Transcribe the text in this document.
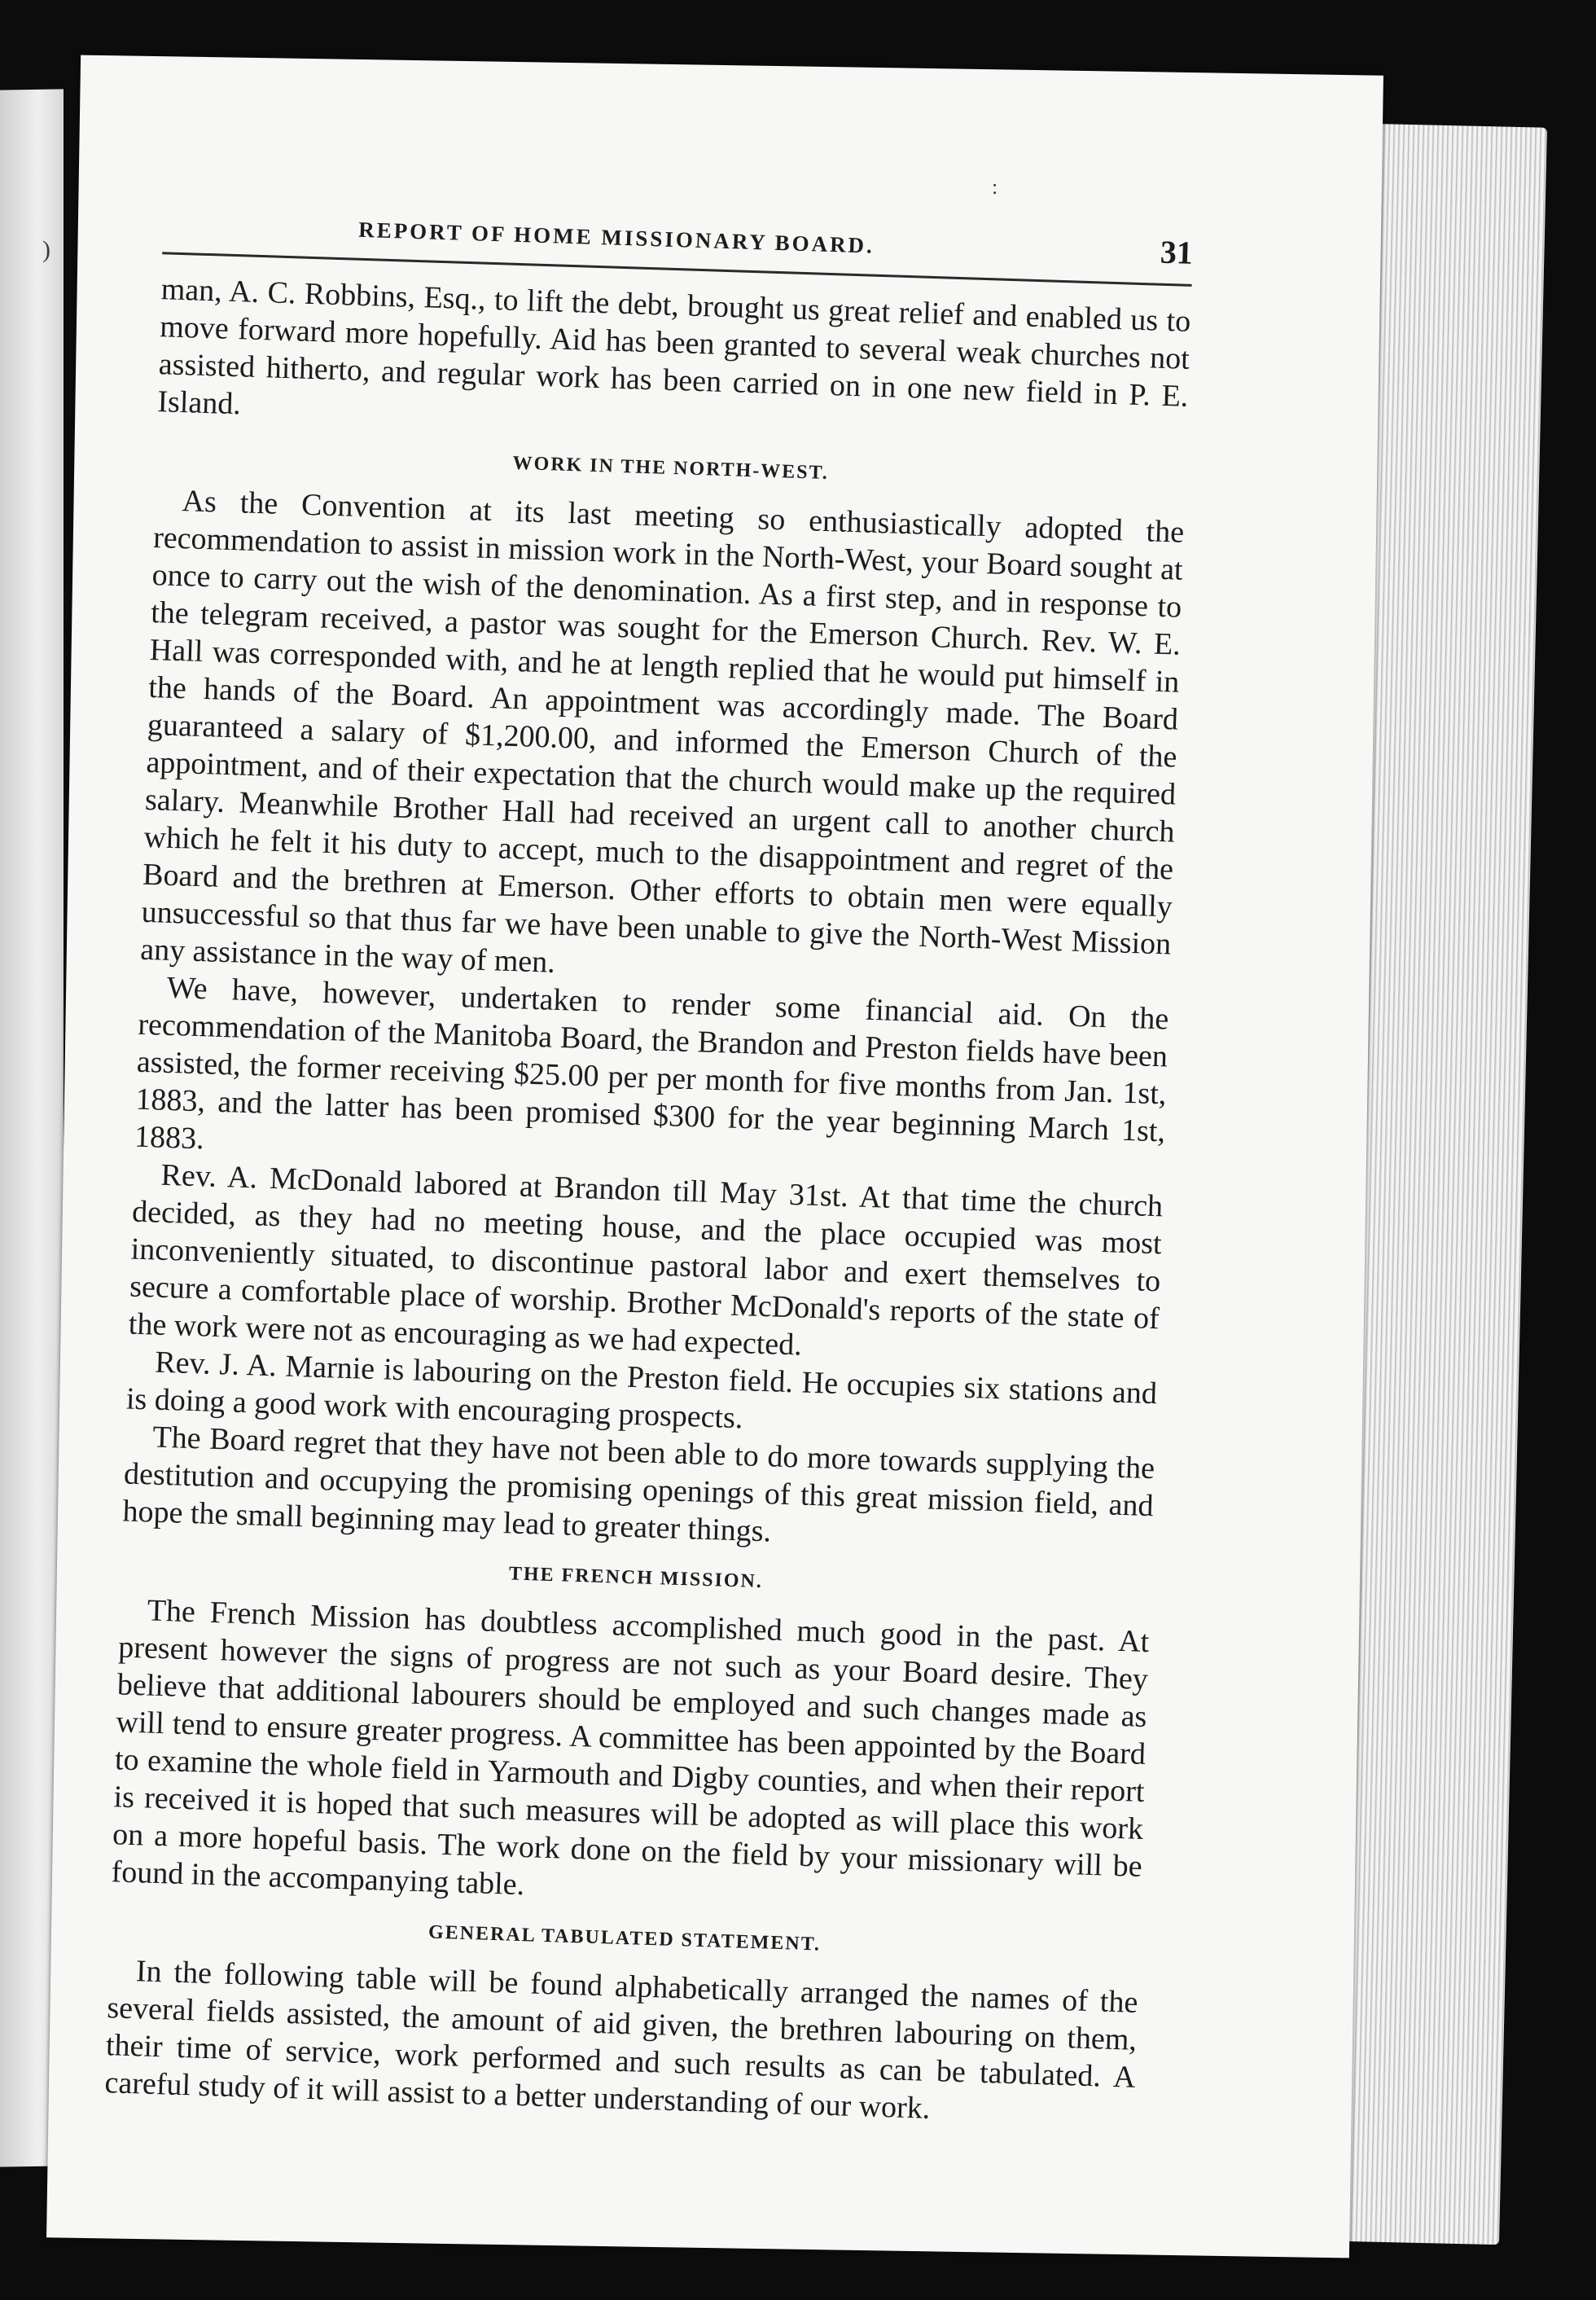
REPORT OF HOME MISSIONARY BOARD.	31

man, A. C. Robbins, Esq., to lift the debt, brought us great relief and enabled us to move forward more hopefully. Aid has been granted to several weak churches not assisted hitherto, and regular work has been carried on in one new field in P. E. Island.

WORK IN THE NORTH-WEST.

As the Convention at its last meeting so enthusiastically adopted the recommendation to assist in mission work in the North-West, your Board sought at once to carry out the wish of the denomination. As a first step, and in response to the telegram received, a pastor was sought for the Emerson Church. Rev. W. E. Hall was corresponded with, and he at length replied that he would put himself in the hands of the Board. An appointment was accordingly made. The Board guaranteed a salary of $1,200.00, and informed the Emerson Church of the appointment, and of their expectation that the church would make up the required salary. Meanwhile Brother Hall had received an urgent call to another church which he felt it his duty to accept, much to the disappointment and regret of the Board and the brethren at Emerson. Other efforts to obtain men were equally unsuccessful so that thus far we have been unable to give the North-West Mission any assistance in the way of men.

We have, however, undertaken to render some financial aid. On the recommendation of the Manitoba Board, the Brandon and Preston fields have been assisted, the former receiving $25.00 per per month for five months from Jan. 1st, 1883, and the latter has been promised $300 for the year beginning March 1st, 1883.

Rev. A. McDonald labored at Brandon till May 31st. At that time the church decided, as they had no meeting house, and the place occupied was most inconveniently situated, to discontinue pastoral labor and exert themselves to secure a comfortable place of worship. Brother McDonald's reports of the state of the work were not as encouraging as we had expected.

Rev. J. A. Marnie is labouring on the Preston field. He occupies six stations and is doing a good work with encouraging prospects.

The Board regret that they have not been able to do more towards supplying the destitution and occupying the promising openings of this great mission field, and hope the small beginning may lead to greater things.

THE FRENCH MISSION.

The French Mission has doubtless accomplished much good in the past. At present however the signs of progress are not such as your Board desire. They believe that additional labourers should be employed and such changes made as will tend to ensure greater progress. A committee has been appointed by the Board to examine the whole field in Yarmouth and Digby counties, and when their report is received it is hoped that such measures will be adopted as will place this work on a more hopeful basis. The work done on the field by your missionary will be found in the accompanying table.

GENERAL TABULATED STATEMENT.

In the following table will be found alphabetically arranged the names of the several fields assisted, the amount of aid given, the brethren labouring on them, their time of service, work performed and such results as can be tabulated. A careful study of it will assist to a better understanding of our work.

)
:
